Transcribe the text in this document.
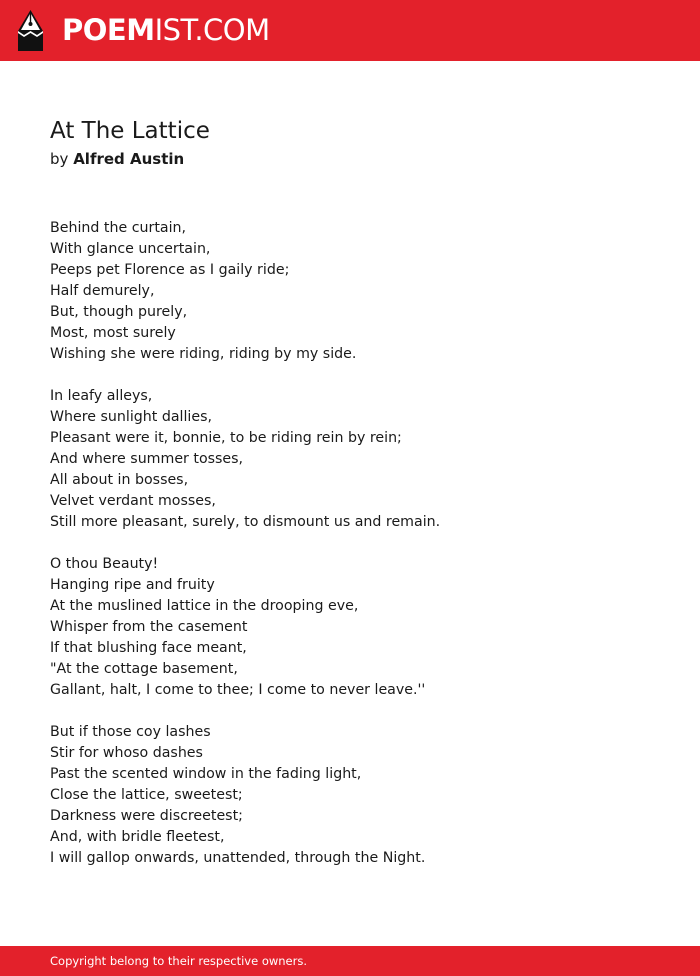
POEMIST.COM
At The Lattice
by Alfred Austin
Behind the curtain,
With glance uncertain,
Peeps pet Florence as I gaily ride;
Half demurely,
But, though purely,
Most, most surely
Wishing she were riding, riding by my side.
In leafy alleys,
Where sunlight dallies,
Pleasant were it, bonnie, to be riding rein by rein;
And where summer tosses,
All about in bosses,
Velvet verdant mosses,
Still more pleasant, surely, to dismount us and remain.
O thou Beauty!
Hanging ripe and fruity
At the muslined lattice in the drooping eve,
Whisper from the casement
If that blushing face meant,
"At the cottage basement,
Gallant, halt, I come to thee; I come to never leave.''
But if those coy lashes
Stir for whoso dashes
Past the scented window in the fading light,
Close the lattice, sweetest;
Darkness were discreetest;
And, with bridle fleetest,
I will gallop onwards, unattended, through the Night.
Copyright belong to their respective owners.
